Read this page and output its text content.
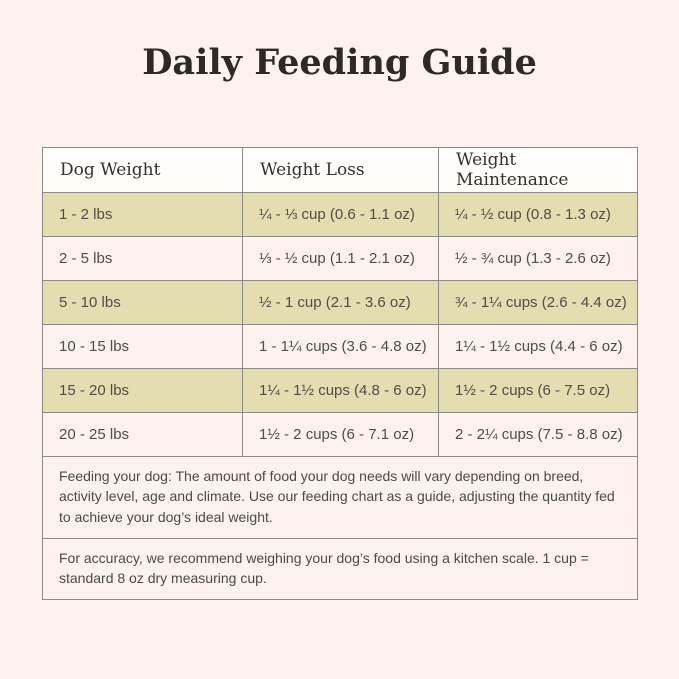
Daily Feeding Guide
Dog Weight	Weight Loss	Weight Maintenance
1 - 2 lbs	¼ - ⅓ cup (0.6 - 1.1 oz)	¼ - ½ cup (0.8 - 1.3 oz)
2 - 5 lbs	⅓ - ½ cup (1.1 - 2.1 oz)	½ - ¾ cup (1.3 - 2.6 oz)
5 - 10 lbs	½ - 1 cup (2.1 - 3.6 oz)	¾ - 1¼ cups (2.6 - 4.4 oz)
10 - 15 lbs	1 - 1¼ cups (3.6 - 4.8 oz)	1¼ - 1½ cups (4.4 - 6 oz)
15 - 20 lbs	1¼ - 1½ cups (4.8 - 6 oz)	1½ - 2 cups (6 - 7.5 oz)
20 - 25 lbs	1½ - 2 cups (6 - 7.1 oz)	2 - 2¼ cups (7.5 - 8.8 oz)
Feeding your dog: The amount of food your dog needs will vary depending on breed, activity level, age and climate. Use our feeding chart as a guide, adjusting the quantity fed to achieve your dog’s ideal weight.		
For accuracy, we recommend weighing your dog’s food using a kitchen scale. 1 cup = standard 8 oz dry measuring cup.		
